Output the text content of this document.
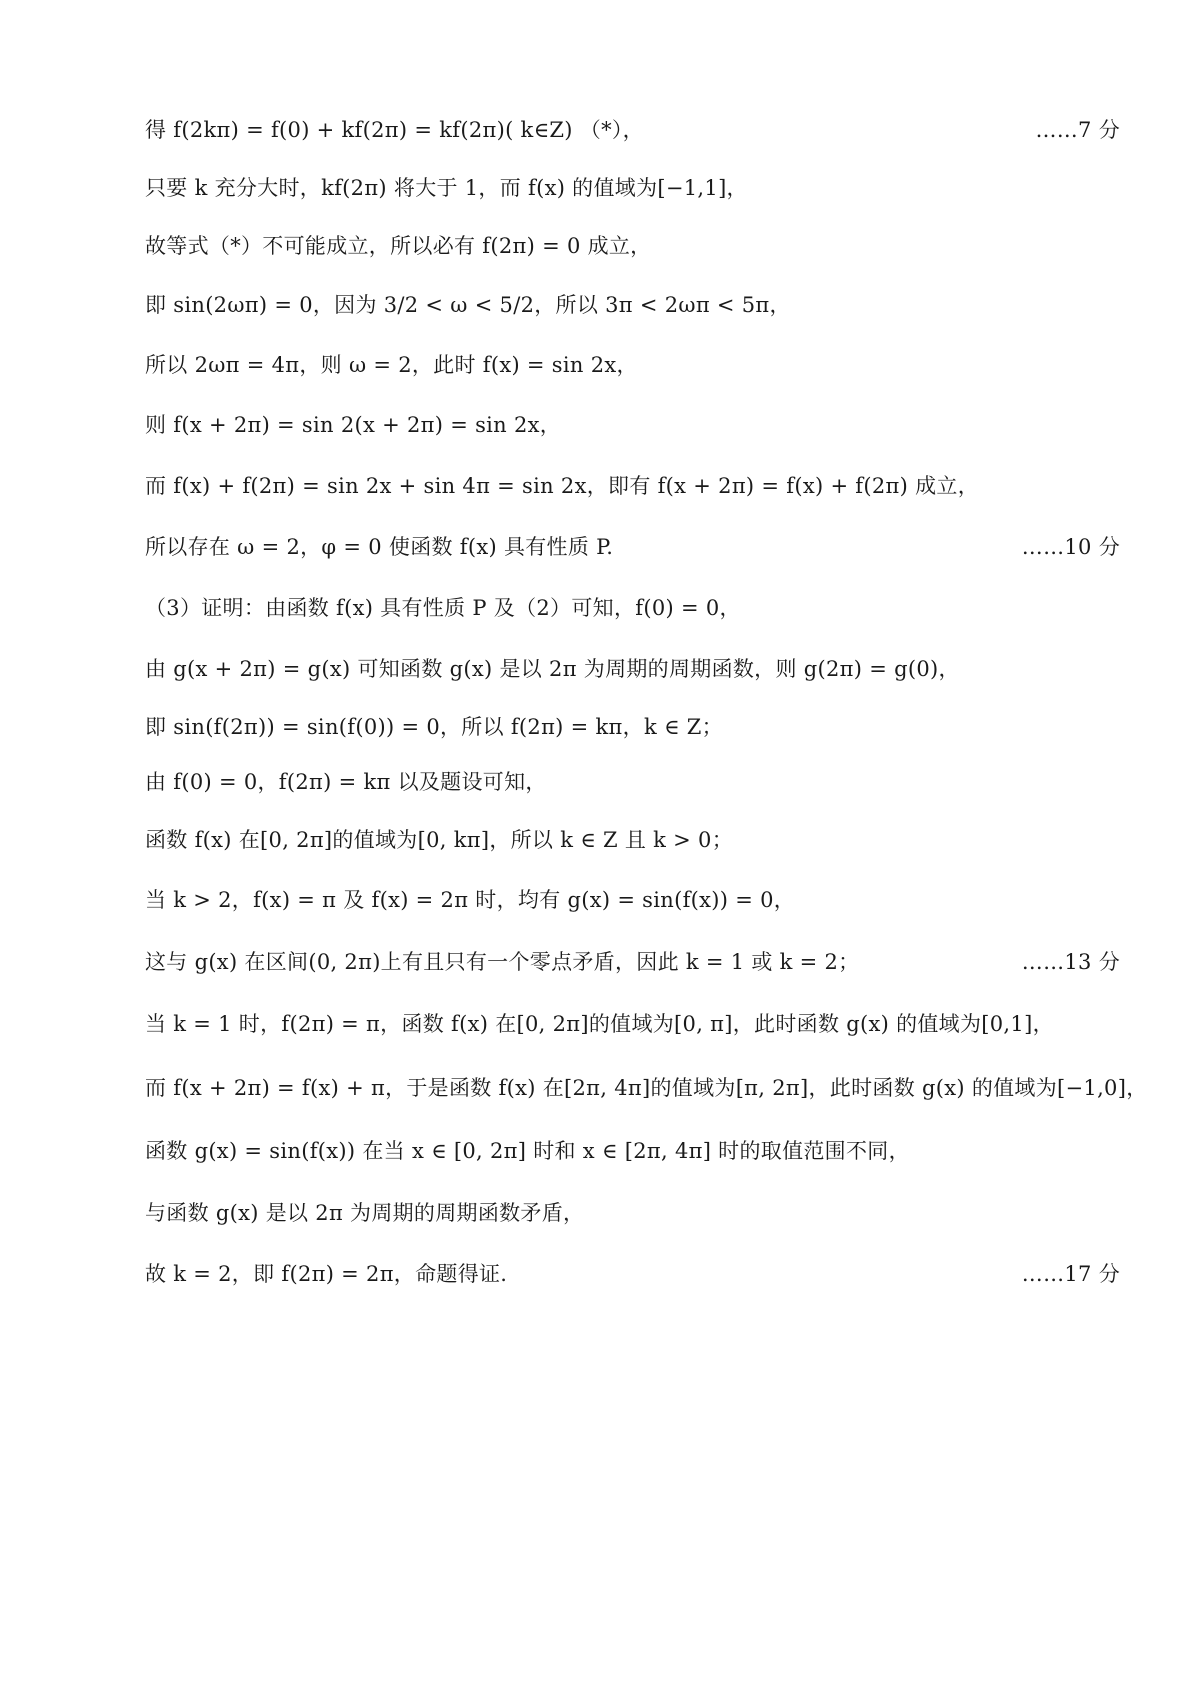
得 f(2kπ) = f(0) + kf(2π) = kf(2π)( k∈Z) （*），	……7 分
只要 k 充分大时，kf(2π) 将大于 1，而 f(x) 的值域为[−1,1]，
故等式（*）不可能成立，所以必有 f(2π) = 0 成立，
即 sin(2ωπ) = 0，因为 3/2 < ω < 5/2，所以 3π < 2ωπ < 5π，
所以 2ωπ = 4π，则 ω = 2，此时 f(x) = sin 2x，
则 f(x + 2π) = sin 2(x + 2π) = sin 2x，
而 f(x) + f(2π) = sin 2x + sin 4π = sin 2x，即有 f(x + 2π) = f(x) + f(2π) 成立，
所以存在 ω = 2，φ = 0 使函数 f(x) 具有性质 P.	……10 分
（3）证明：由函数 f(x) 具有性质 P 及（2）可知，f(0) = 0，
由 g(x + 2π) = g(x) 可知函数 g(x) 是以 2π 为周期的周期函数，则 g(2π) = g(0)，
即 sin(f(2π)) = sin(f(0)) = 0，所以 f(2π) = kπ，k ∈ Z；
由 f(0) = 0，f(2π) = kπ 以及题设可知，
函数 f(x) 在[0, 2π]的值域为[0, kπ]，所以 k ∈ Z 且 k > 0；
当 k > 2，f(x) = π 及 f(x) = 2π 时，均有 g(x) = sin(f(x)) = 0，
这与 g(x) 在区间(0, 2π)上有且只有一个零点矛盾，因此 k = 1 或 k = 2；	……13 分
当 k = 1 时，f(2π) = π，函数 f(x) 在[0, 2π]的值域为[0, π]，此时函数 g(x) 的值域为[0,1]，
而 f(x + 2π) = f(x) + π，于是函数 f(x) 在[2π, 4π]的值域为[π, 2π]，此时函数 g(x) 的值域为[−1,0]，
函数 g(x) = sin(f(x)) 在当 x ∈ [0, 2π] 时和 x ∈ [2π, 4π] 时的取值范围不同，
与函数 g(x) 是以 2π 为周期的周期函数矛盾，
故 k = 2，即 f(2π) = 2π，命题得证.	……17 分
